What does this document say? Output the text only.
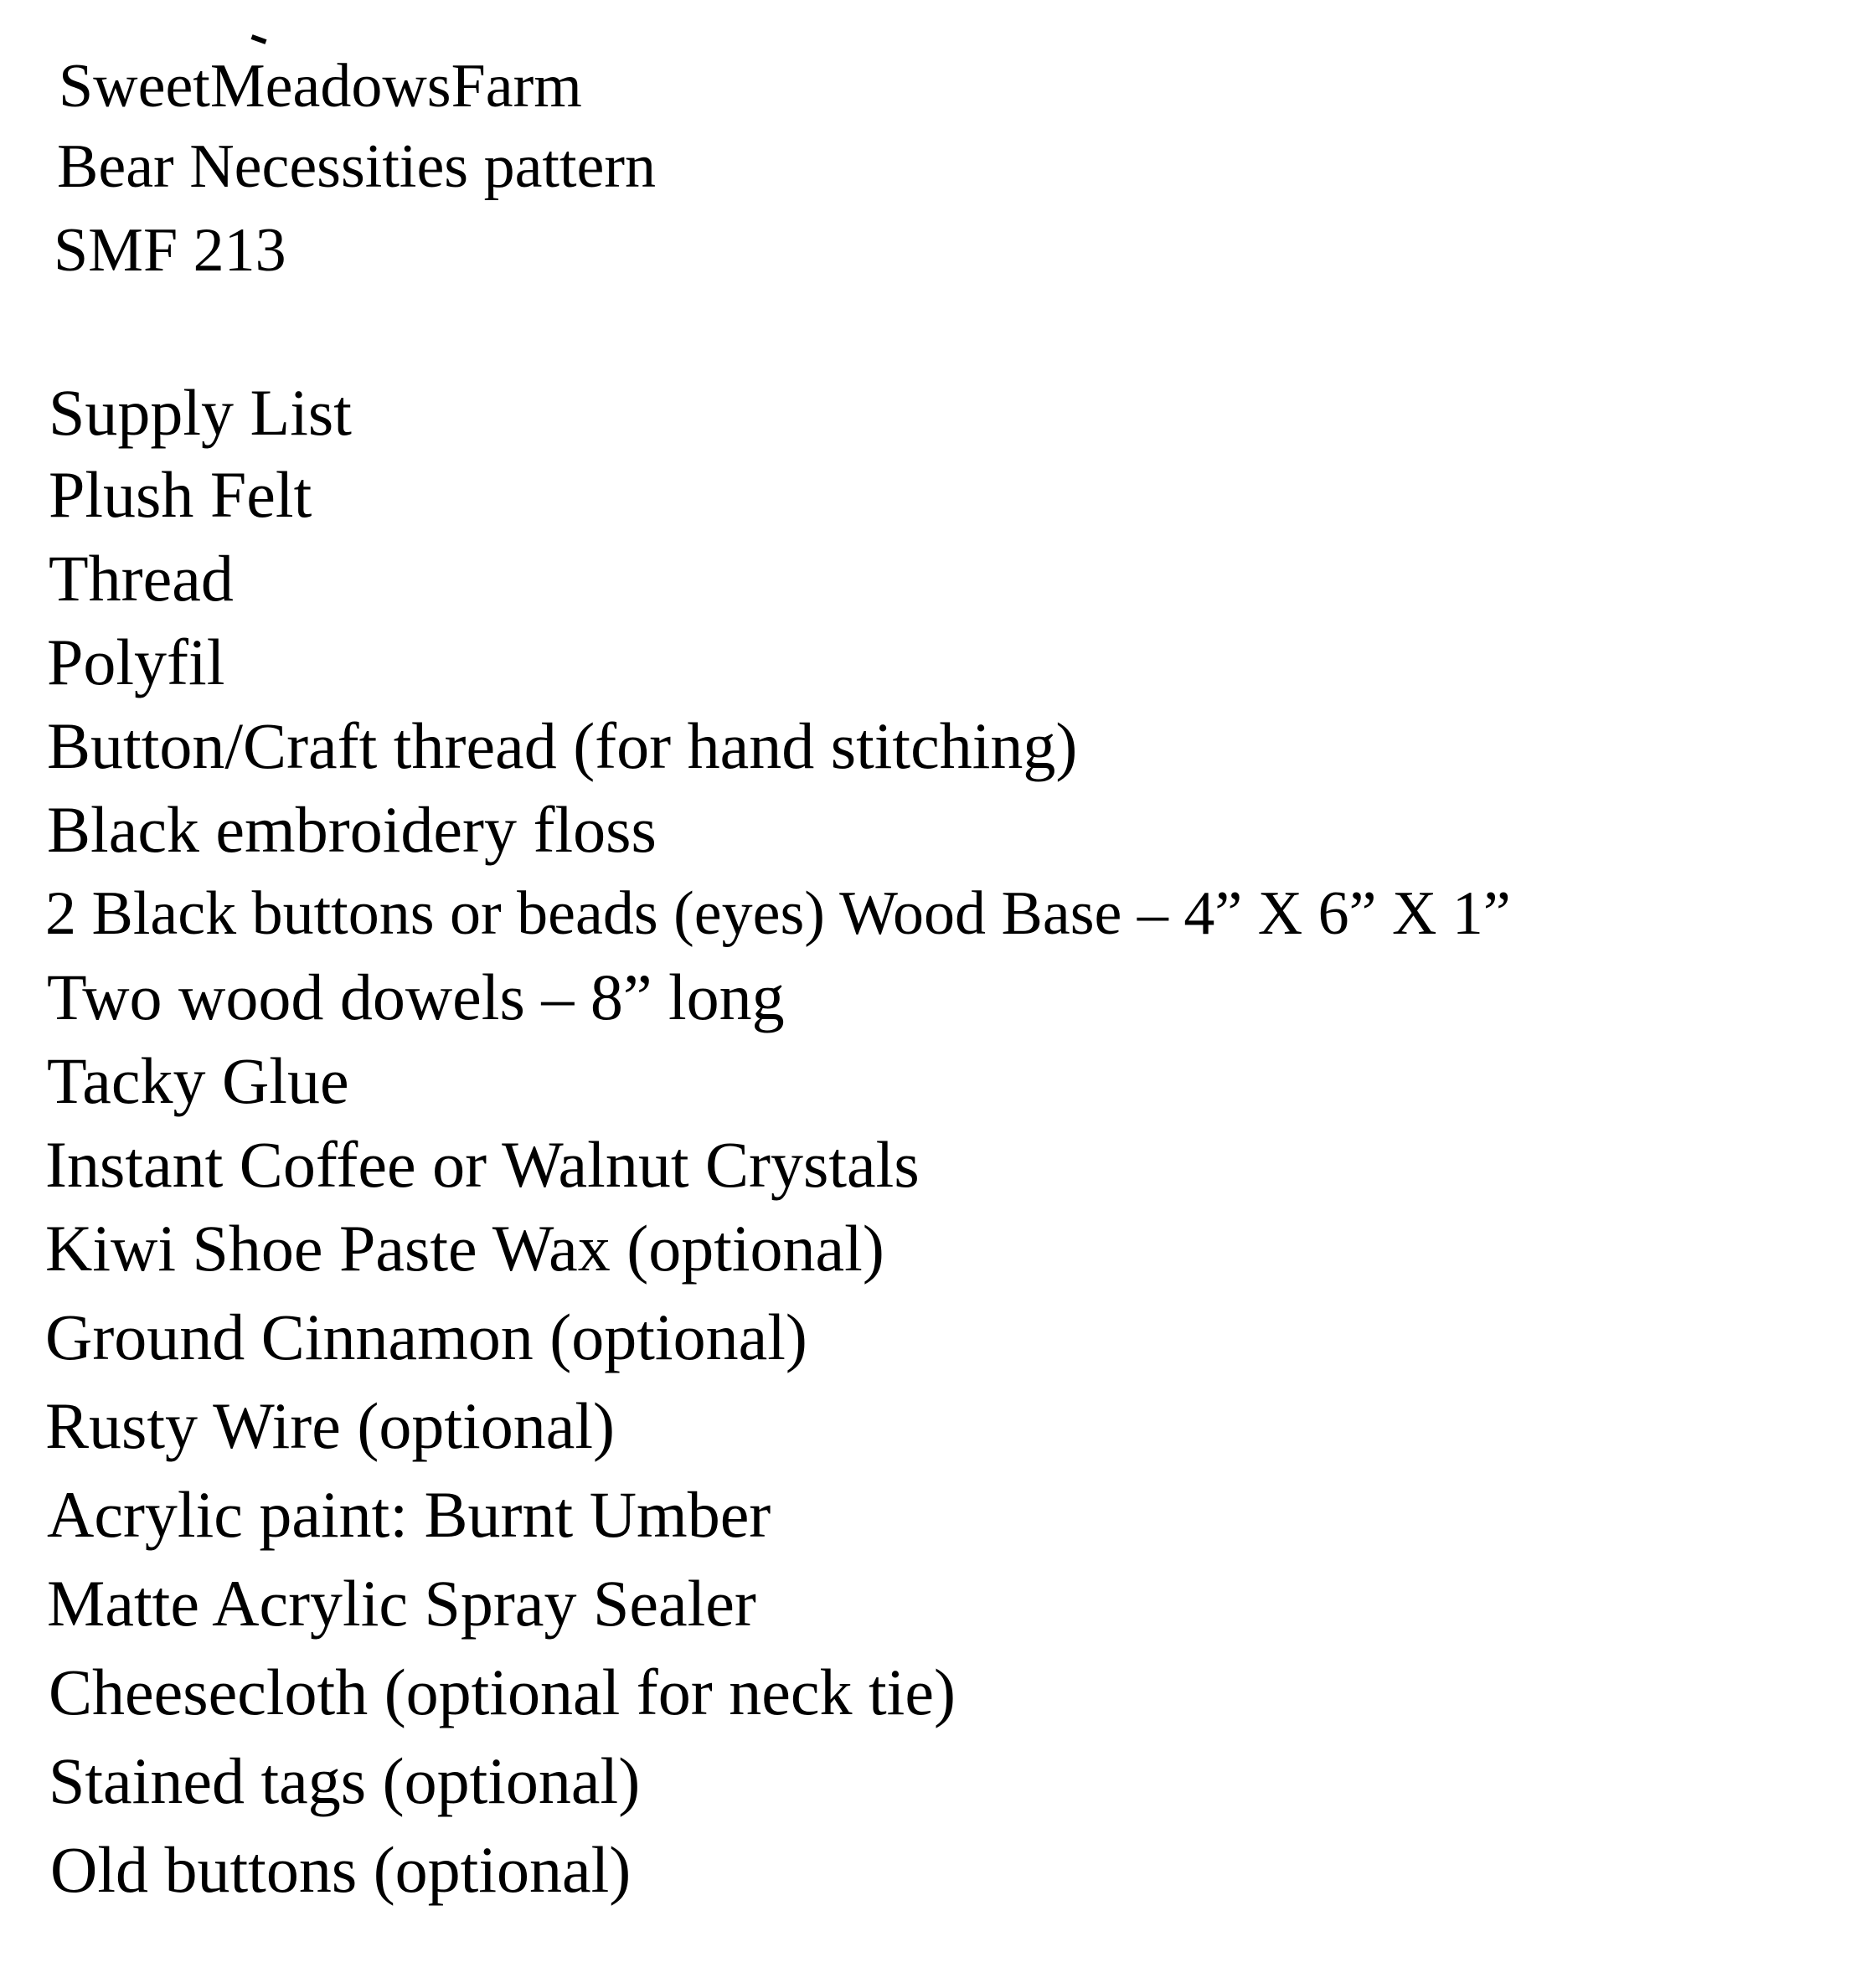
SweetMeadowsFarm

Bear Necessities pattern

SMF 213

Supply List

Plush Felt

Thread

Polyfil

Button/Craft thread (for hand stitching)

Black embroidery floss

2 Black buttons or beads (eyes) Wood Base – 4” X 6” X 1”

Two wood dowels – 8” long

Tacky Glue

Instant Coffee or Walnut Crystals

Kiwi Shoe Paste Wax (optional)

Ground Cinnamon (optional)

Rusty Wire (optional)

Acrylic paint: Burnt Umber

Matte Acrylic Spray Sealer

Cheesecloth (optional for neck tie)

Stained tags (optional)

Old buttons (optional)
